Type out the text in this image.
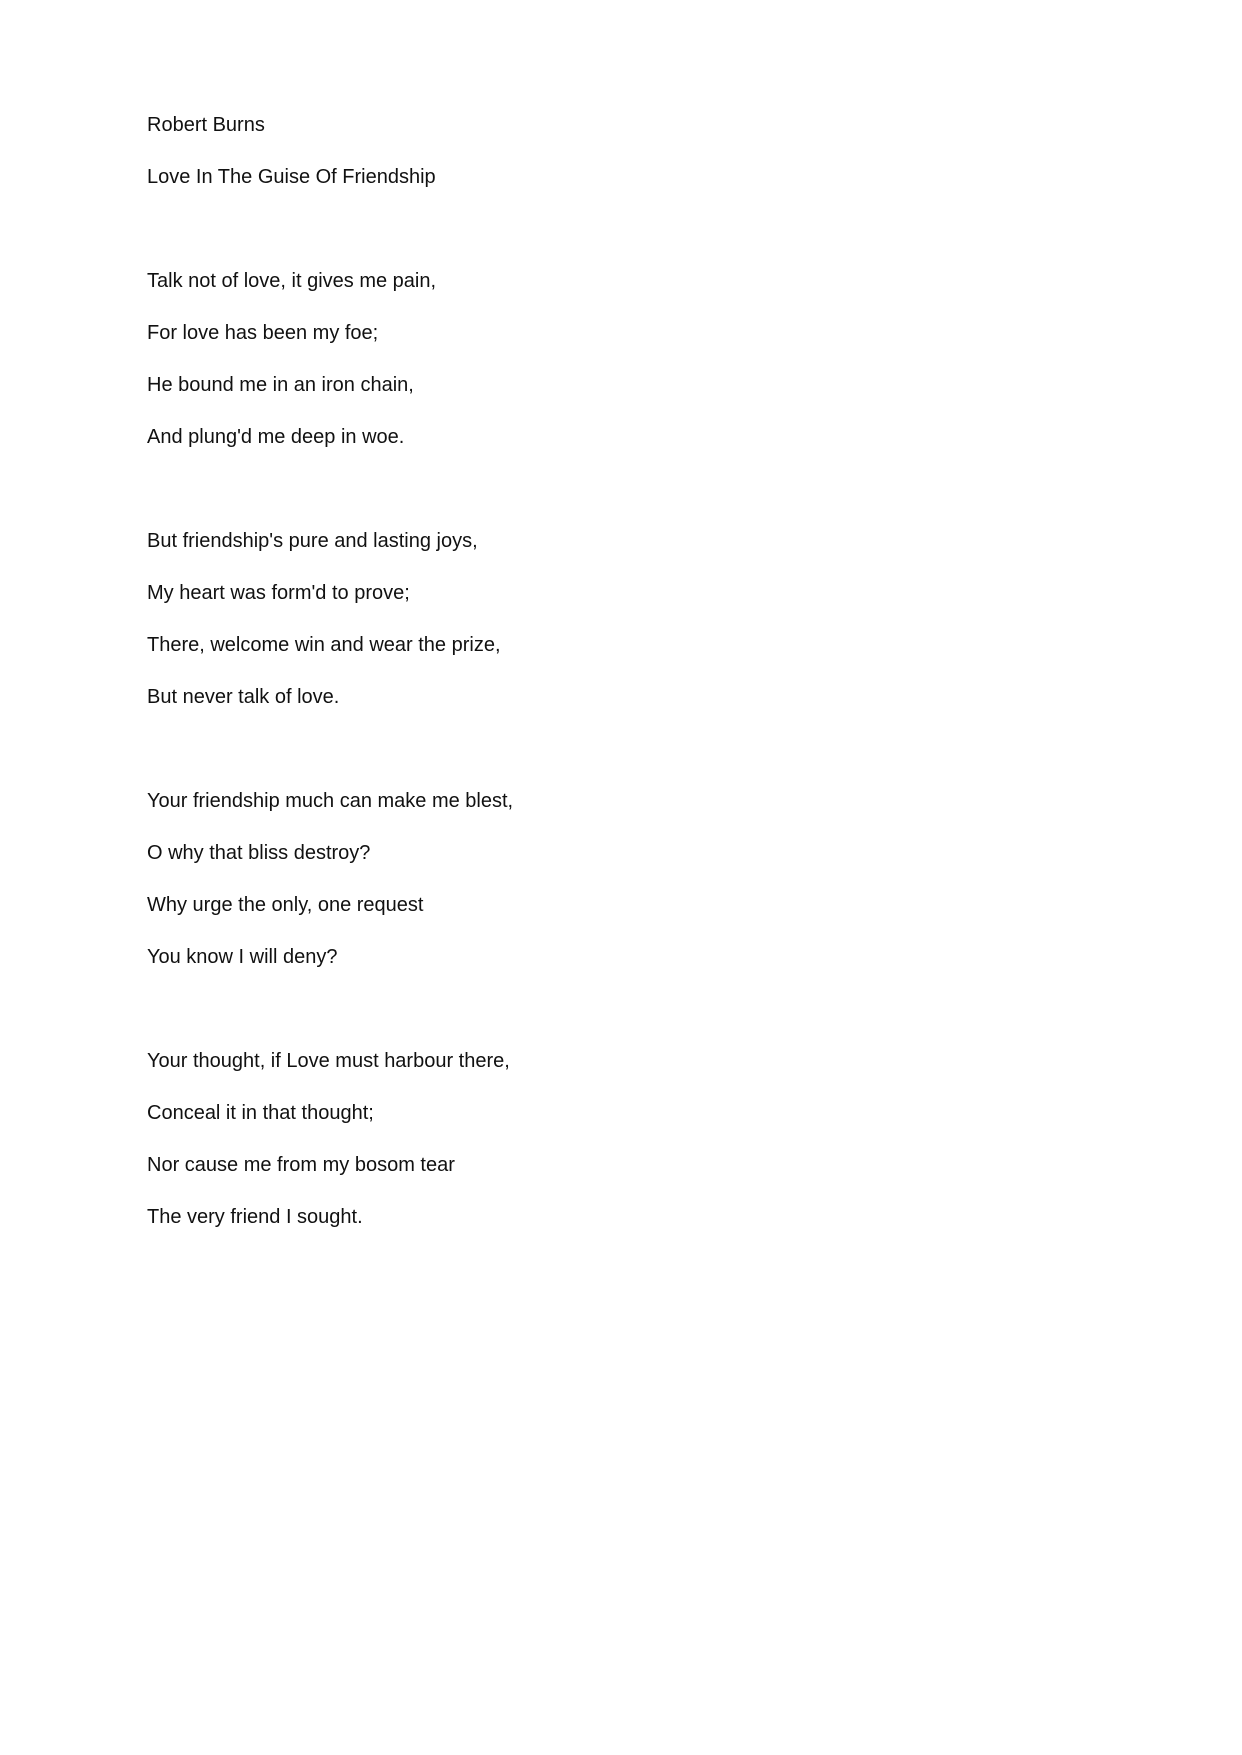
Robert Burns

Love In The Guise Of Friendship

Talk not of love, it gives me pain,

For love has been my foe;

He bound me in an iron chain,

And plung'd me deep in woe.

But friendship's pure and lasting joys,

My heart was form'd to prove;

There, welcome win and wear the prize,

But never talk of love.

Your friendship much can make me blest,

O why that bliss destroy?

Why urge the only, one request

You know I will deny?

Your thought, if Love must harbour there,

Conceal it in that thought;

Nor cause me from my bosom tear

The very friend I sought.
